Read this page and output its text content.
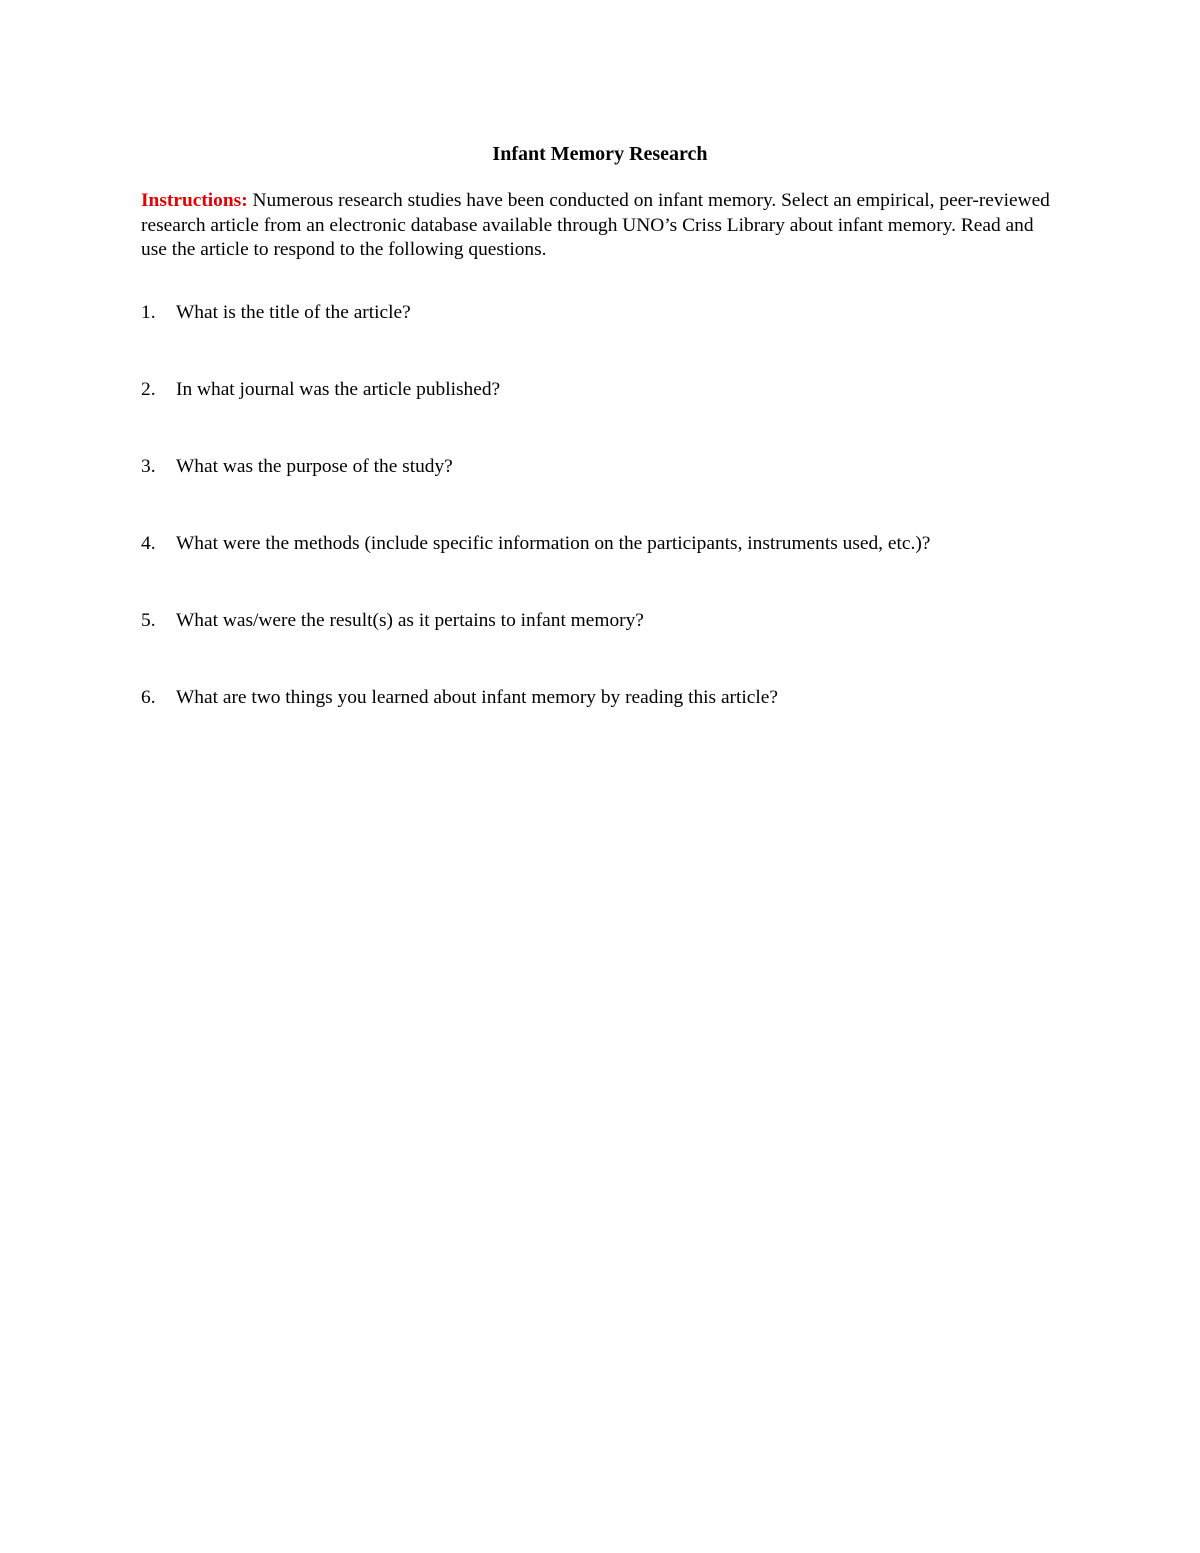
Infant Memory Research

Instructions: Numerous research studies have been conducted on infant memory. Select an empirical, peer-reviewed research article from an electronic database available through UNO’s Criss Library about infant memory. Read and use the article to respond to the following questions.

1.	What is the title of the article?
2.	In what journal was the article published?
3.	What was the purpose of the study?
4.	What were the methods (include specific information on the participants, instruments used, etc.)?
5.	What was/were the result(s) as it pertains to infant memory?
6.	What are two things you learned about infant memory by reading this article?
